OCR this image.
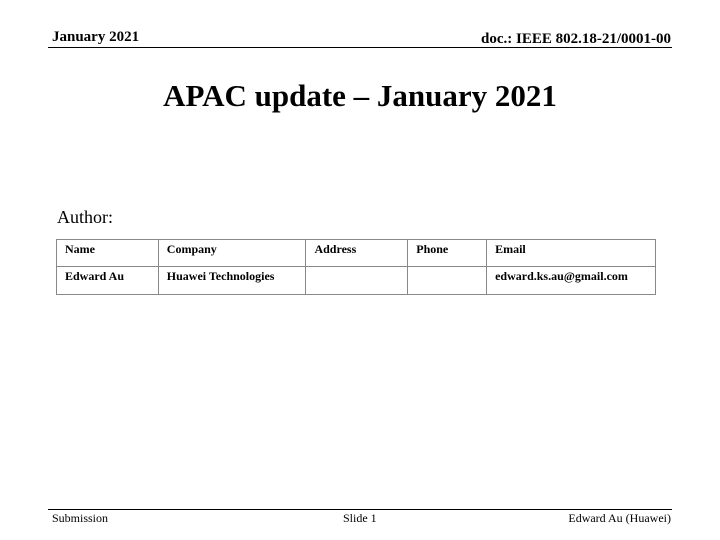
January 2021	doc.: IEEE 802.18-21/0001-00
APAC update – January 2021
Author:
Name	Company	Address	Phone	Email
Edward Au	Huawei Technologies			edward.ks.au@gmail.com
Submission	Slide 1	Edward Au (Huawei)
